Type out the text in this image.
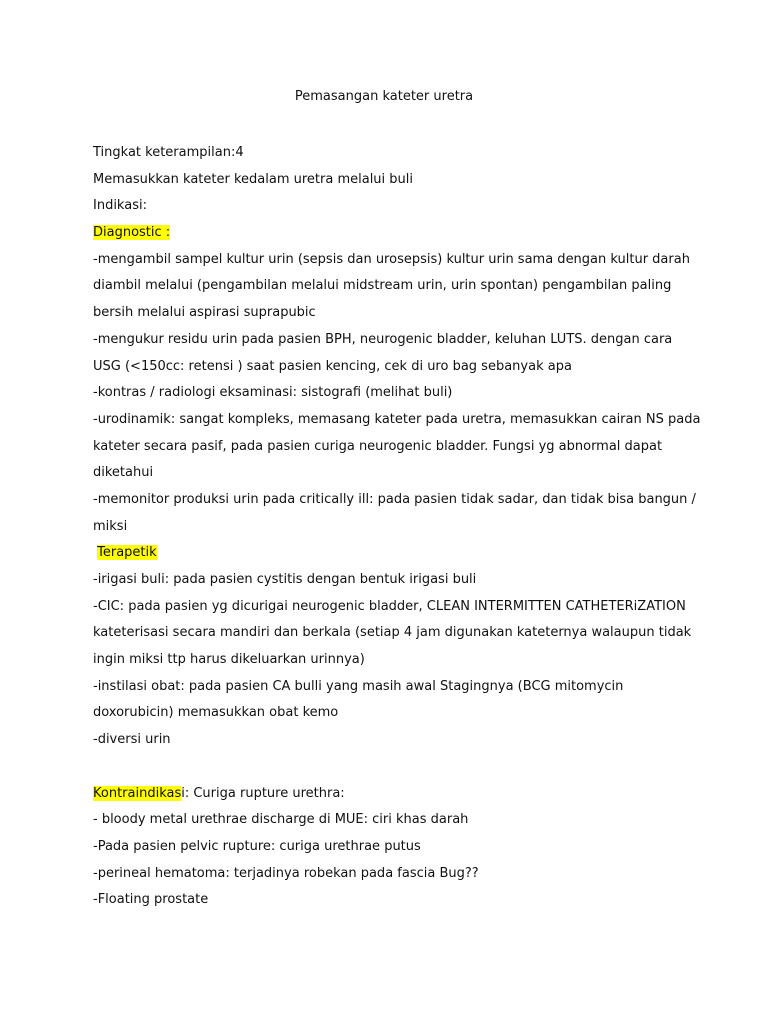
Pemasangan kateter uretra
Tingkat keterampilan:4
Memasukkan kateter kedalam uretra melalui buli
Indikasi:
Diagnostic :
-mengambil sampel kultur urin (sepsis dan urosepsis) kultur urin sama dengan kultur darah
diambil melalui (pengambilan melalui midstream urin, urin spontan) pengambilan paling
bersih melalui aspirasi suprapubic
-mengukur residu urin pada pasien BPH, neurogenic bladder, keluhan LUTS. dengan cara
USG (<150cc: retensi ) saat pasien kencing, cek di uro bag sebanyak apa
-kontras / radiologi eksaminasi: sistografi (melihat buli)
-urodinamik: sangat kompleks, memasang kateter pada uretra, memasukkan cairan NS pada
kateter secara pasif, pada pasien curiga neurogenic bladder. Fungsi yg abnormal dapat
diketahui
-memonitor produksi urin pada critically ill: pada pasien tidak sadar, dan tidak bisa bangun /
miksi
Terapetik
-irigasi buli: pada pasien cystitis dengan bentuk irigasi buli
-CIC: pada pasien yg dicurigai neurogenic bladder, CLEAN INTERMITTEN CATHETERiZATION
kateterisasi secara mandiri dan berkala (setiap 4 jam digunakan kateternya walaupun tidak
ingin miksi ttp harus dikeluarkan urinnya)
-instilasi obat: pada pasien CA bulli yang masih awal Stagingnya (BCG mitomycin
doxorubicin) memasukkan obat kemo
-diversi urin
Kontraindikasi: Curiga rupture urethra:
- bloody metal urethrae discharge di MUE: ciri khas darah
-Pada pasien pelvic rupture: curiga urethrae putus
-perineal hematoma: terjadinya robekan pada fascia Bug??
-Floating prostate
